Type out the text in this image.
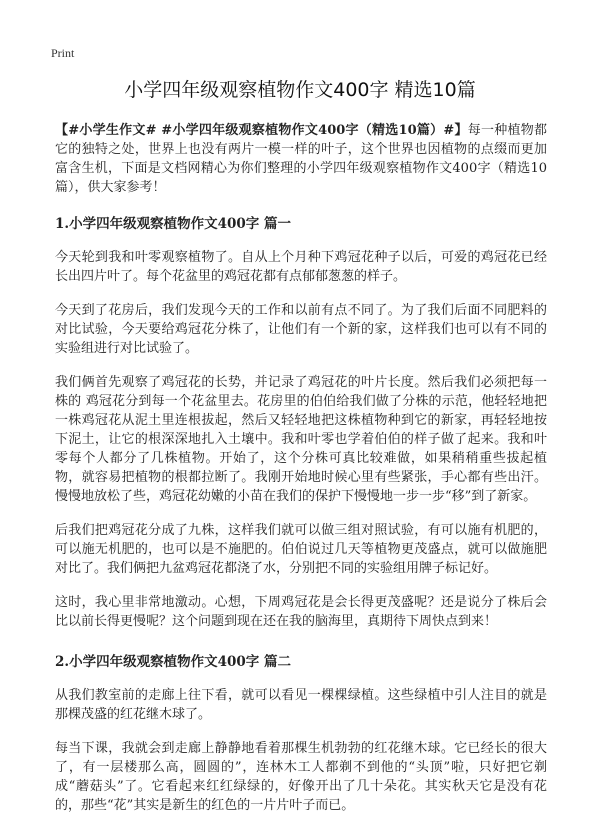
Print
小学四年级观察植物作文400字 精选10篇

【#小学生作文# #小学四年级观察植物作文400字（精选10篇）#】每一种植物都它的独特之处，世界上也没有两片一模一样的叶子，这个世界也因植物的点缀而更加富含生机，下面是文档网精心为你们整理的小学四年级观察植物作文400字（精选10篇），供大家参考！

1.小学四年级观察植物作文400字 篇一

今天轮到我和叶零观察植物了。自从上个月种下鸡冠花种子以后，可爱的鸡冠花已经长出四片叶了。每个花盆里的鸡冠花都有点郁郁葱葱的样子。

今天到了花房后，我们发现今天的工作和以前有点不同了。为了我们后面不同肥料的对比试验，今天要给鸡冠花分株了，让他们有一个新的家，这样我们也可以有不同的实验组进行对比试验了。

我们俩首先观察了鸡冠花的长势，并记录了鸡冠花的叶片长度。然后我们必须把每一株的 鸡冠花分到每一个花盆里去。花房里的伯伯给我们做了分株的示范，他轻轻地把一株鸡冠花从泥土里连根拔起，然后又轻轻地把这株植物种到它的新家，再轻轻地按下泥土，让它的根深深地扎入土壤中。我和叶零也学着伯伯的样子做了起来。我和叶零每个人都分了几株植物。开始了，这个分株可真比较难做，如果稍稍重些拔起植物，就容易把植物的根都拉断了。我刚开始地时候心里有些紧张，手心都有些出汗。慢慢地放松了些，鸡冠花幼嫩的小苗在我们的保护下慢慢地一步一步“移”到了新家。

后我们把鸡冠花分成了九株，这样我们就可以做三组对照试验，有可以施有机肥的，可以施无机肥的，也可以是不施肥的。伯伯说过几天等植物更茂盛点，就可以做施肥对比了。我们俩把九盆鸡冠花都浇了水，分别把不同的实验组用牌子标记好。

这时，我心里非常地激动。心想，下周鸡冠花是会长得更茂盛呢？还是说分了株后会比以前长得更慢呢？这个问题到现在还在我的脑海里，真期待下周快点到来！

2.小学四年级观察植物作文400字 篇二

从我们教室前的走廊上往下看，就可以看见一棵棵绿植。这些绿植中引人注目的就是那棵茂盛的红花继木球了。

每当下课，我就会到走廊上静静地看着那棵生机勃勃的红花继木球。它已经长的很大了，有一层楼那么高，圆圆的”，连林木工人都剃不到他的“头顶”啦，只好把它剃成“蘑菇头”了。它看起来红红绿绿的，好像开出了几十朵花。其实秋天它是没有花的，那些“花”其实是新生的红色的一片片叶子而已。
